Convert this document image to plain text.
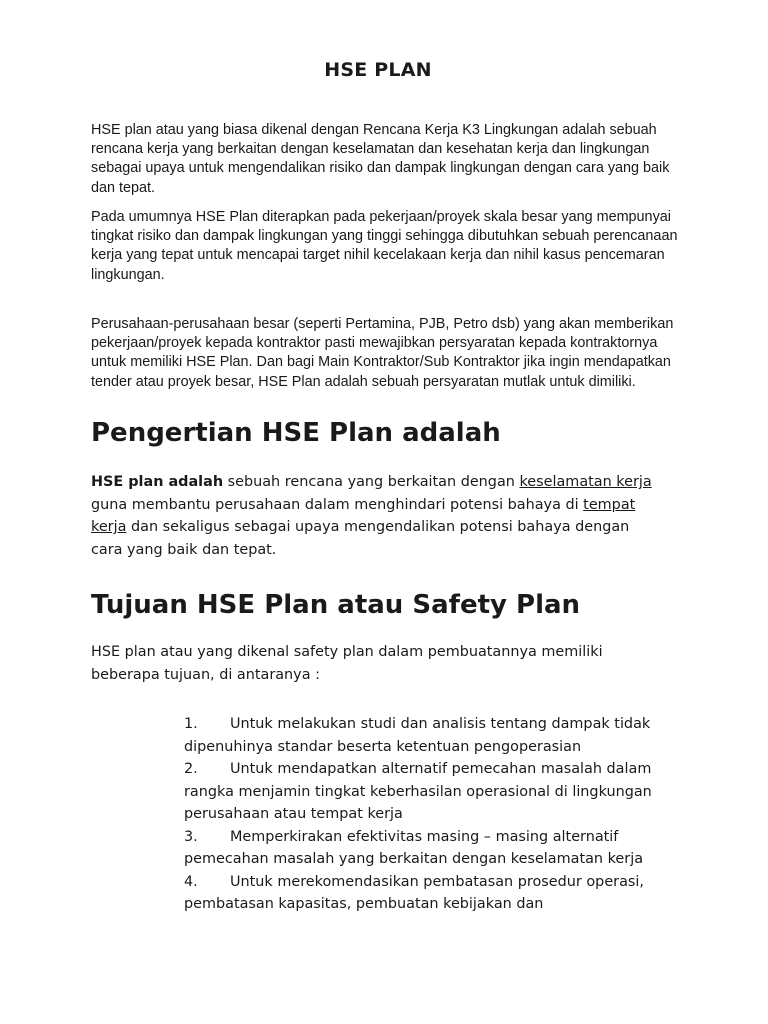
HSE PLAN

HSE plan atau yang biasa dikenal dengan Rencana Kerja K3 Lingkungan adalah sebuah rencana kerja yang berkaitan dengan keselamatan dan kesehatan kerja dan lingkungan sebagai upaya untuk mengendalikan risiko dan dampak lingkungan dengan cara yang baik dan tepat.

Pada umumnya HSE Plan diterapkan pada pekerjaan/proyek skala besar yang mempunyai tingkat risiko dan dampak lingkungan yang tinggi sehingga dibutuhkan sebuah perencanaan kerja yang tepat untuk mencapai target nihil kecelakaan kerja dan nihil kasus pencemaran lingkungan.

Perusahaan-perusahaan besar (seperti Pertamina, PJB, Petro dsb) yang akan memberikan pekerjaan/proyek kepada kontraktor pasti mewajibkan persyaratan kepada kontraktornya untuk memiliki HSE Plan. Dan bagi Main Kontraktor/Sub Kontraktor jika ingin mendapatkan tender atau proyek besar, HSE Plan adalah sebuah persyaratan mutlak untuk dimiliki.

Pengertian HSE Plan adalah

HSE plan adalah sebuah rencana yang berkaitan dengan keselamatan kerja guna membantu perusahaan dalam menghindari potensi bahaya di tempat kerja dan sekaligus sebagai upaya mengendalikan potensi bahaya dengan cara yang baik dan tepat.

Tujuan HSE Plan atau Safety Plan

HSE plan atau yang dikenal safety plan dalam pembuatannya memiliki beberapa tujuan, di antaranya :

1. Untuk melakukan studi dan analisis tentang dampak tidak dipenuhinya standar beserta ketentuan pengoperasian
2. Untuk mendapatkan alternatif pemecahan masalah dalam rangka menjamin tingkat keberhasilan operasional di lingkungan perusahaan atau tempat kerja
3. Memperkirakan efektivitas masing – masing alternatif pemecahan masalah yang berkaitan dengan keselamatan kerja
4. Untuk merekomendasikan pembatasan prosedur operasi, pembatasan kapasitas, pembuatan kebijakan dan
